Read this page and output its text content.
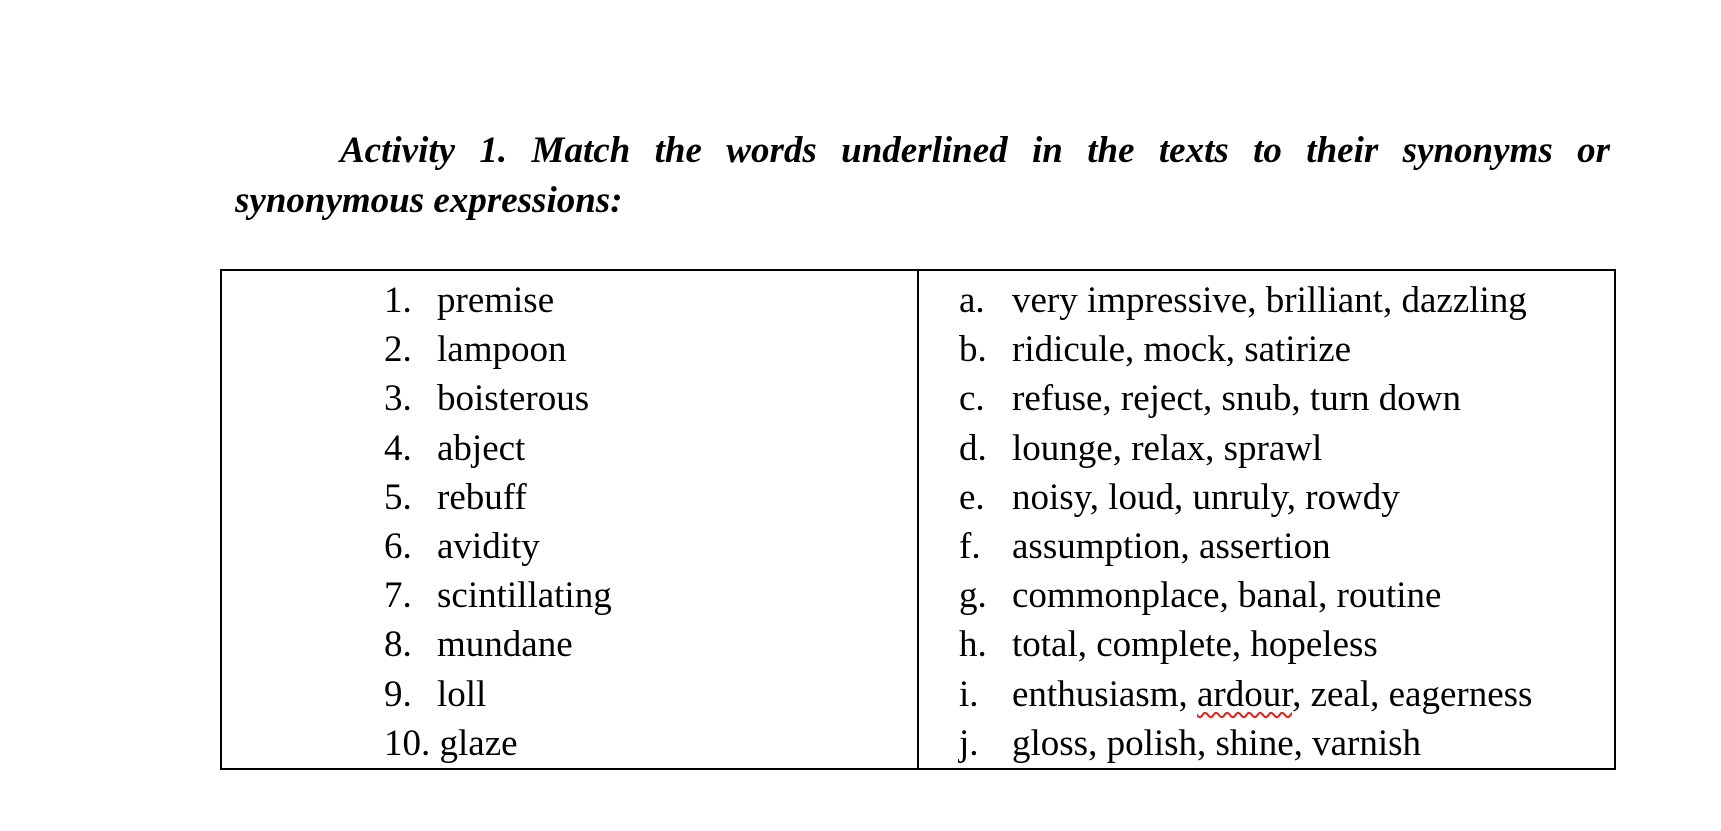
Activity 1. Match the words underlined in the texts to their synonyms or synonymous expressions:

1. premise
2. lampoon
3. boisterous
4. abject
5. rebuff
6. avidity
7. scintillating
8. mundane
9. loll
10.
glaze

a. very impressive, brilliant, dazzling
b. ridicule, mock, satirize
c. refuse, reject, snub, turn down
d. lounge, relax, sprawl
e. noisy, loud, unruly, rowdy
f. assumption, assertion
g. commonplace, banal, routine
h. total, complete, hopeless
i. enthusiasm, ardour, zeal, eagerness
j. gloss, polish, shine, varnish
